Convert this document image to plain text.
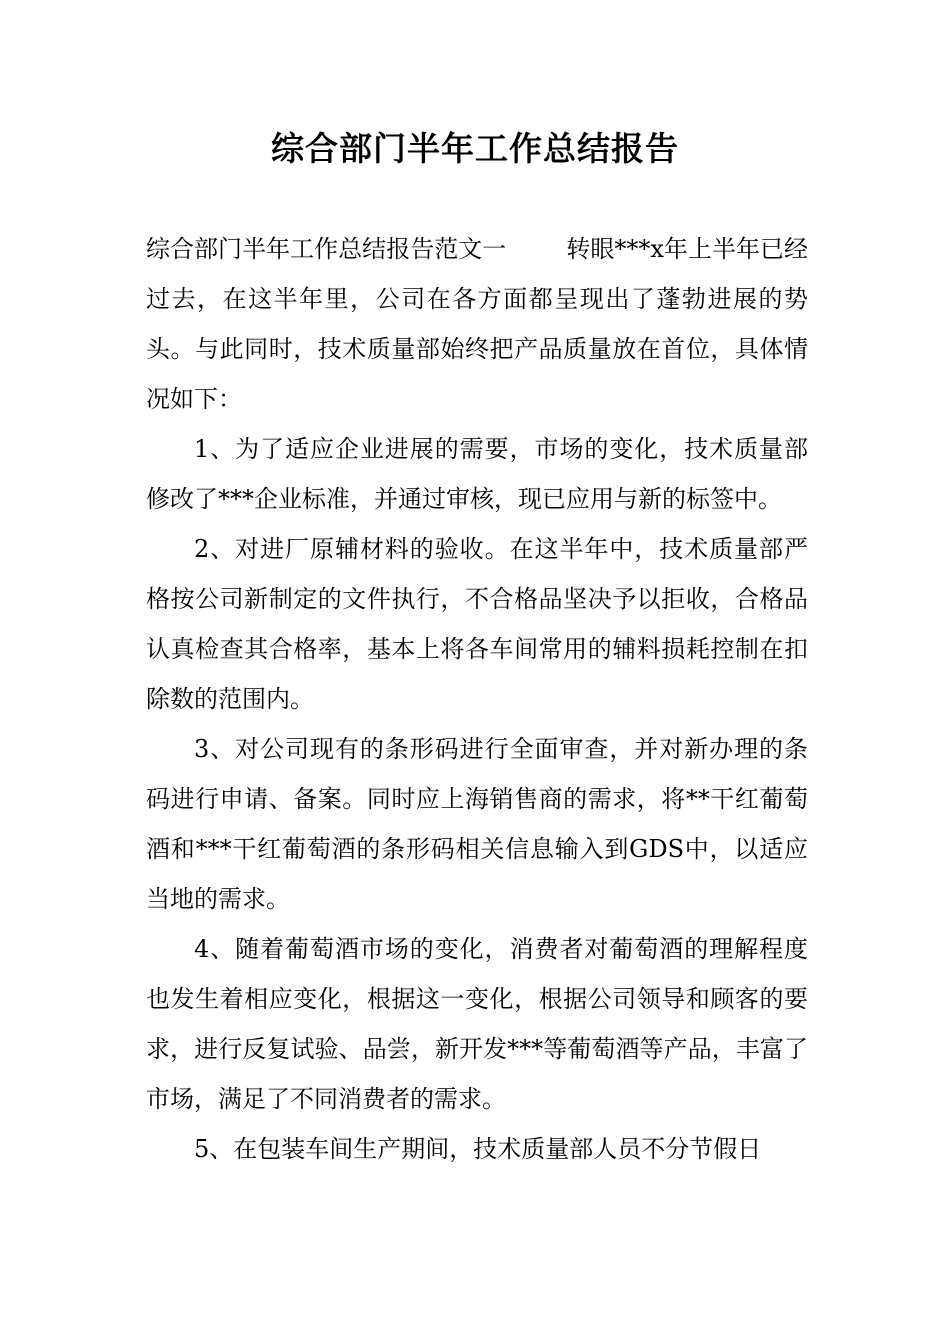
综合部门半年工作总结报告

综合部门半年工作总结报告范文一	转眼***x年上半年已经过去，在这半年里，公司在各方面都呈现出了蓬勃进展的势头。与此同时，技术质量部始终把产品质量放在首位，具体情况如下：

1、为了适应企业进展的需要，市场的变化，技术质量部修改了***企业标准，并通过审核，现已应用与新的标签中。

2、对进厂原辅材料的验收。在这半年中，技术质量部严格按公司新制定的文件执行，不合格品坚决予以拒收，合格品认真检查其合格率，基本上将各车间常用的辅料损耗控制在扣除数的范围内。

3、对公司现有的条形码进行全面审查，并对新办理的条码进行申请、备案。同时应上海销售商的需求，将**干红葡萄酒和***干红葡萄酒的条形码相关信息输入到GDS中，以适应当地的需求。

4、随着葡萄酒市场的变化，消费者对葡萄酒的理解程度也发生着相应变化，根据这一变化，根据公司领导和顾客的要求，进行反复试验、品尝，新开发***等葡萄酒等产品，丰富了市场，满足了不同消费者的需求。

5、在包装车间生产期间，技术质量部人员不分节假日
